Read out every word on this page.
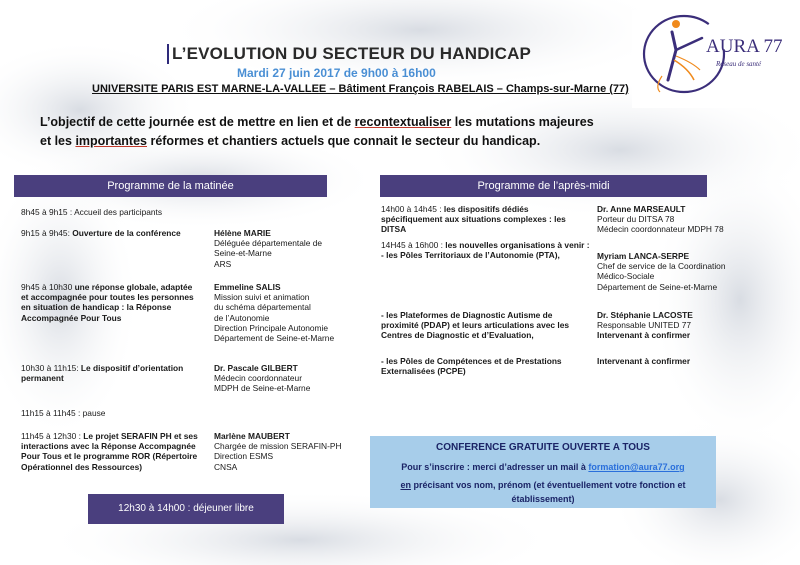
L’EVOLUTION DU SECTEUR DU HANDICAP
Mardi 27 juin 2017 de 9h00 à 16h00
UNIVERSITE PARIS EST MARNE-LA-VALLEE – Bâtiment François RABELAIS – Champs-sur-Marne (77)
AURA 77
Réseau de santé
L’objectif de cette journée est de mettre en lien et de recontextualiser les mutations majeures et les importantes réformes et chantiers actuels que connait le secteur du handicap.
Programme de la matinée
8h45 à 9h15 : Accueil des participants
9h15 à 9h45: Ouverture de la conférence	Hélène MARIE
Déléguée départementale de
Seine-et-Marne
ARS
9h45 à 10h30 une réponse globale, adaptée et accompagnée pour toutes les personnes en situation de handicap : la Réponse Accompagnée Pour Tous
Emmeline SALIS
Mission suivi et animation
du schéma départemental
de l’Autonomie
Direction Principale Autonomie
Département de Seine-et-Marne
10h30 à 11h15: Le dispositif d’orientation permanent
Dr. Pascale GILBERT
Médecin coordonnateur
MDPH de Seine-et-Marne
11h15 à 11h45 : pause
11h45 à 12h30 : Le projet SERAFIN PH et ses interactions avec la Réponse Accompagnée Pour Tous et le programme ROR (Répertoire Opérationnel des Ressources)
Marlène MAUBERT
Chargée de mission SERAFIN-PH
Direction ESMS
CNSA
12h30 à 14h00 : déjeuner libre
Programme de l’après-midi
14h00 à 14h45 : les dispositifs dédiés spécifiquement aux situations complexes : les DITSA
Dr. Anne MARSEAULT
Porteur du DITSA 78
Médecin coordonnateur MDPH 78
14H45 à 16h00 : les nouvelles organisations à venir :
- les Pôles Territoriaux de l’Autonomie (PTA),	Myriam LANCA-SERPE
Chef de service de la Coordination
Médico-Sociale
Département de Seine-et-Marne
- les Plateformes de Diagnostic Autisme de proximité (PDAP) et leurs articulations avec les Centres de Diagnostic et d’Evaluation,
Dr. Stéphanie LACOSTE
Responsable UNITED 77
Intervenant à confirmer
- les Pôles de Compétences et de Prestations Externalisées (PCPE)
Intervenant à confirmer
CONFERENCE GRATUITE OUVERTE A TOUS
Pour s’inscrire : merci d’adresser un mail à formation@aura77.org
en précisant vos nom, prénom (et éventuellement votre fonction et établissement)
